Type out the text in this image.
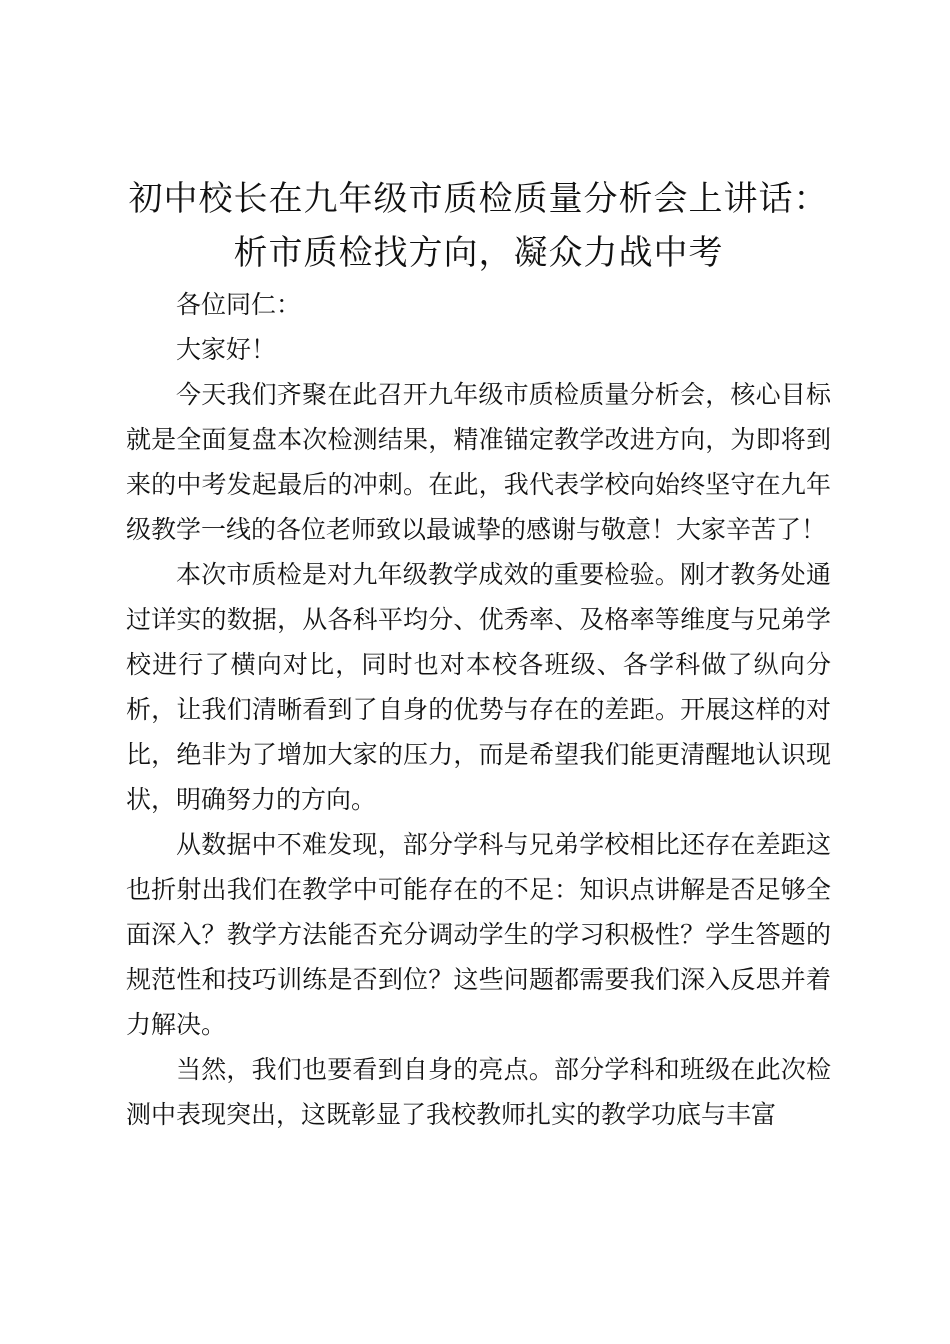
初中校长在九年级市质检质量分析会上讲话：
析市质检找方向，凝众力战中考

各位同仁：

大家好！

今天我们齐聚在此召开九年级市质检质量分析会，核心目标就是全面复盘本次检测结果，精准锚定教学改进方向，为即将到来的中考发起最后的冲刺。在此，我代表学校向始终坚守在九年级教学一线的各位老师致以最诚挚的感谢与敬意！大家辛苦了！

本次市质检是对九年级教学成效的重要检验。刚才教务处通过详实的数据，从各科平均分、优秀率、及格率等维度与兄弟学校进行了横向对比，同时也对本校各班级、各学科做了纵向分析，让我们清晰看到了自身的优势与存在的差距。开展这样的对比，绝非为了增加大家的压力，而是希望我们能更清醒地认识现状，明确努力的方向。

从数据中不难发现，部分学科与兄弟学校相比还存在差距这也折射出我们在教学中可能存在的不足：知识点讲解是否足够全面深入？教学方法能否充分调动学生的学习积极性？学生答题的规范性和技巧训练是否到位？这些问题都需要我们深入反思并着力解决。

当然，我们也要看到自身的亮点。部分学科和班级在此次检测中表现突出，这既彰显了我校教师扎实的教学功底与丰富
